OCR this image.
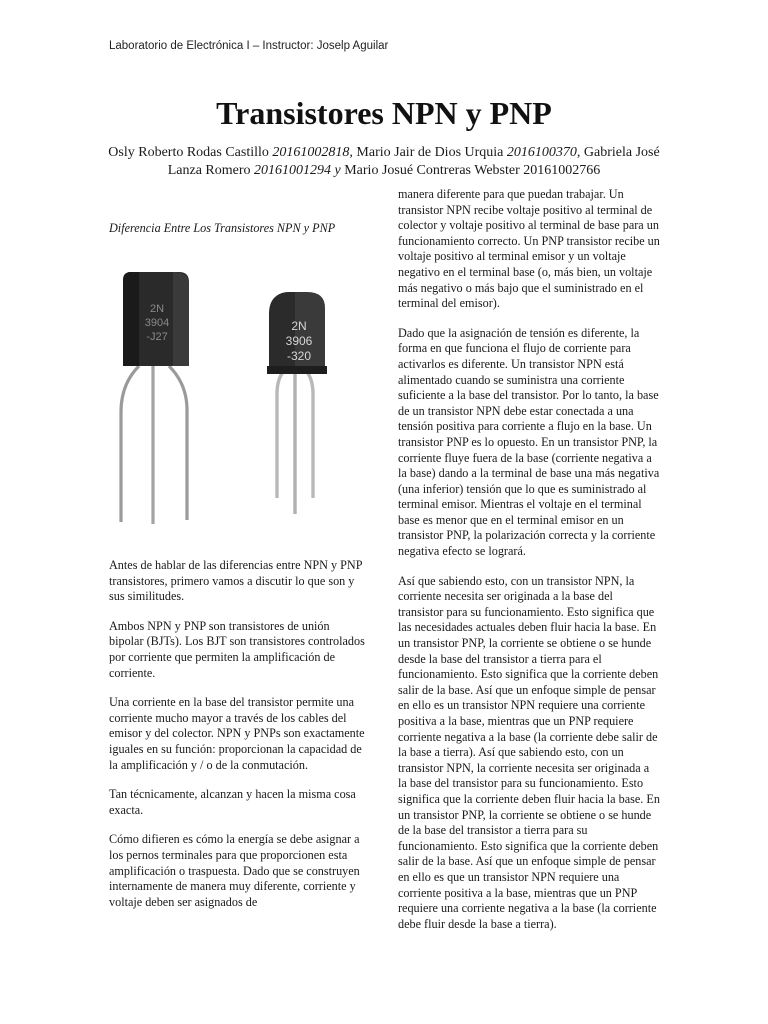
Laboratorio de Electrónica I – Instructor: Joselp Aguilar
Transistores NPN y PNP
Osly Roberto Rodas Castillo 20161002818, Mario Jair de Dios Urquia 2016100370, Gabriela José Lanza Romero 20161001294 y Mario Josué Contreras Webster 20161002766
Diferencia Entre Los Transistores NPN y PNP
2N
3904
-J27
2N
3906
-320

Antes de hablar de las diferencias entre NPN y PNP transistores, primero vamos a discutir lo que son y sus similitudes.

Ambos NPN y PNP son transistores de unión bipolar (BJTs). Los BJT son transistores controlados por corriente que permiten la amplificación de corriente.

Una corriente en la base del transistor permite una corriente mucho mayor a través de los cables del emisor y del colector. NPN y PNPs son exactamente iguales en su función: proporcionan la capacidad de la amplificación y / o de la conmutación.

Tan técnicamente, alcanzan y hacen la misma cosa exacta.

Cómo difieren es cómo la energía se debe asignar a los pernos terminales para que proporcionen esta amplificación o traspuesta. Dado que se construyen internamente de manera muy diferente, corriente y voltaje deben ser asignados de

manera diferente para que puedan trabajar. Un transistor NPN recibe voltaje positivo al terminal de colector y voltaje positivo al terminal de base para un funcionamiento correcto. Un PNP transistor recibe un voltaje positivo al terminal emisor y un voltaje negativo en el terminal base (o, más bien, un voltaje más negativo o más bajo que el suministrado en el terminal del emisor).

Dado que la asignación de tensión es diferente, la forma en que funciona el flujo de corriente para activarlos es diferente. Un transistor NPN está alimentado cuando se suministra una corriente suficiente a la base del transistor. Por lo tanto, la base de un transistor NPN debe estar conectada a una tensión positiva para corriente a flujo en la base. Un transistor PNP es lo opuesto. En un transistor PNP, la corriente fluye fuera de la base (corriente negativa a la base) dando a la terminal de base una más negativa (una inferior) tensión que lo que es suministrado al terminal emisor. Mientras el voltaje en el terminal base es menor que en el terminal emisor en un transistor PNP, la polarización correcta y la corriente negativa efecto se logrará.

Así que sabiendo esto, con un transistor NPN, la corriente necesita ser originada a la base del transistor para su funcionamiento. Esto significa que las necesidades actuales deben fluir hacia la base. En un transistor PNP, la corriente se obtiene o se hunde desde la base del transistor a tierra para el funcionamiento. Esto significa que la corriente deben salir de la base. Así que un enfoque simple de pensar en ello es un transistor NPN requiere una corriente positiva a la base, mientras que un PNP requiere corriente negativa a la base (la corriente debe salir de la base a tierra). Así que sabiendo esto, con un transistor NPN, la corriente necesita ser originada a la base del transistor para su funcionamiento. Esto significa que la corriente deben fluir hacia la base. En un transistor PNP, la corriente se obtiene o se hunde de la base del transistor a tierra para su funcionamiento. Esto significa que la corriente deben salir de la base. Así que un enfoque simple de pensar en ello es que un transistor NPN requiere una corriente positiva a la base, mientras que un PNP requiere una corriente negativa a la base (la corriente debe fluir desde la base a tierra).
